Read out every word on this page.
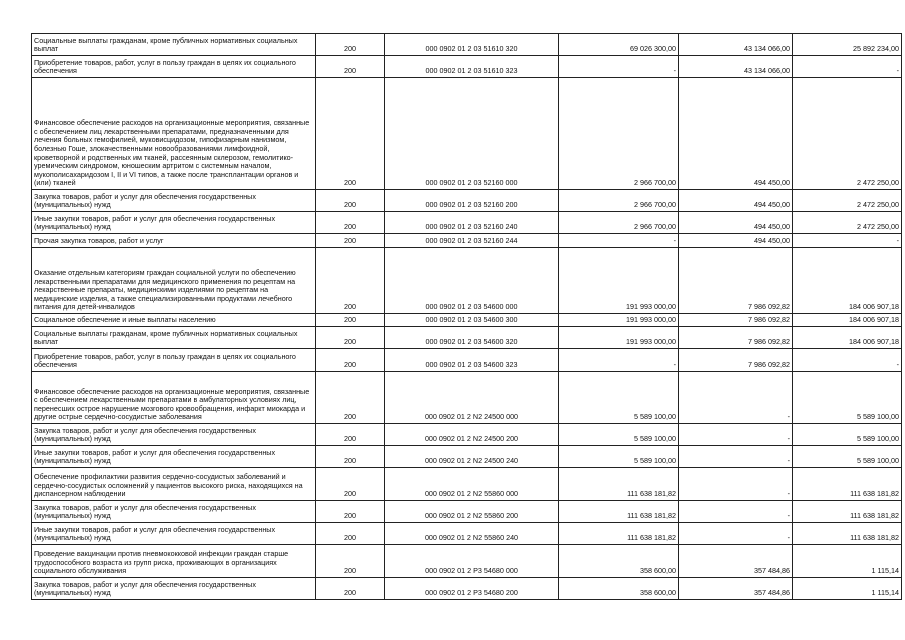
Социальные выплаты гражданам, кроме публичных нормативных социальных выплат	200	000 0902 01 2 03 51610 320	69 026 300,00	43 134 066,00	25 892 234,00
Приобретение товаров, работ, услуг в пользу граждан в целях их социального обеспечения	200	000 0902 01 2 03 51610 323	-	43 134 066,00	-
Финансовое обеспечение расходов на организационные мероприятия, связанные с обеспечением лиц лекарственными препаратами, предназначенными для лечения больных гемофилией, муковисцидозом, гипофизарным нанизмом, болезнью Гоше, злокачественными новообразованиями лимфоидной, кроветворной и родственных им тканей, рассеянным склерозом, гемолитико-уремическим синдромом, юношеским артритом с системным началом, мукополисахаридозом I, II и VI типов, а также после трансплантации органов и (или) тканей	200	000 0902 01 2 03 52160 000	2 966 700,00	494 450,00	2 472 250,00
Закупка товаров, работ и услуг для обеспечения государственных (муниципальных) нужд	200	000 0902 01 2 03 52160 200	2 966 700,00	494 450,00	2 472 250,00
Иные закупки товаров, работ и услуг для обеспечения государственных (муниципальных) нужд	200	000 0902 01 2 03 52160 240	2 966 700,00	494 450,00	2 472 250,00
Прочая закупка товаров, работ и услуг	200	000 0902 01 2 03 52160 244	-	494 450,00	-
Оказание отдельным категориям граждан социальной услуги по обеспечению лекарственными препаратами для медицинского применения по рецептам на лекарственные препараты, медицинскими изделиями по рецептам на медицинские изделия, а также специализированными продуктами лечебного питания для детей-инвалидов	200	000 0902 01 2 03 54600 000	191 993 000,00	7 986 092,82	184 006 907,18
Социальное обеспечение и иные выплаты населению	200	000 0902 01 2 03 54600 300	191 993 000,00	7 986 092,82	184 006 907,18
Социальные выплаты гражданам, кроме публичных нормативных социальных выплат	200	000 0902 01 2 03 54600 320	191 993 000,00	7 986 092,82	184 006 907,18
Приобретение товаров, работ, услуг в пользу граждан в целях их социального обеспечения	200	000 0902 01 2 03 54600 323	-	7 986 092,82	-
Финансовое обеспечение расходов на организационные мероприятия, связанные с обеспечением лекарственными препаратами в амбулаторных условиях лиц, перенесших острое нарушение мозгового кровообращения, инфаркт миокарда и другие острые сердечно-сосудистые заболевания	200	000 0902 01 2 N2 24500 000	5 589 100,00	-	5 589 100,00
Закупка товаров, работ и услуг для обеспечения государственных (муниципальных) нужд	200	000 0902 01 2 N2 24500 200	5 589 100,00	-	5 589 100,00
Иные закупки товаров, работ и услуг для обеспечения государственных (муниципальных) нужд	200	000 0902 01 2 N2 24500 240	5 589 100,00	-	5 589 100,00
Обеспечение профилактики развития сердечно-сосудистых заболеваний и сердечно-сосудистых осложнений у пациентов высокого риска, находящихся на диспансерном наблюдении	200	000 0902 01 2 N2 55860 000	111 638 181,82	-	111 638 181,82
Закупка товаров, работ и услуг для обеспечения государственных (муниципальных) нужд	200	000 0902 01 2 N2 55860 200	111 638 181,82	-	111 638 181,82
Иные закупки товаров, работ и услуг для обеспечения государственных (муниципальных) нужд	200	000 0902 01 2 N2 55860 240	111 638 181,82	-	111 638 181,82
Проведение вакцинации против пневмококковой инфекции граждан старше трудоспособного возраста из групп риска, проживающих в организациях социального обслуживания	200	000 0902 01 2 P3 54680 000	358 600,00	357 484,86	1 115,14
Закупка товаров, работ и услуг для обеспечения государственных (муниципальных) нужд	200	000 0902 01 2 P3 54680 200	358 600,00	357 484,86	1 115,14
